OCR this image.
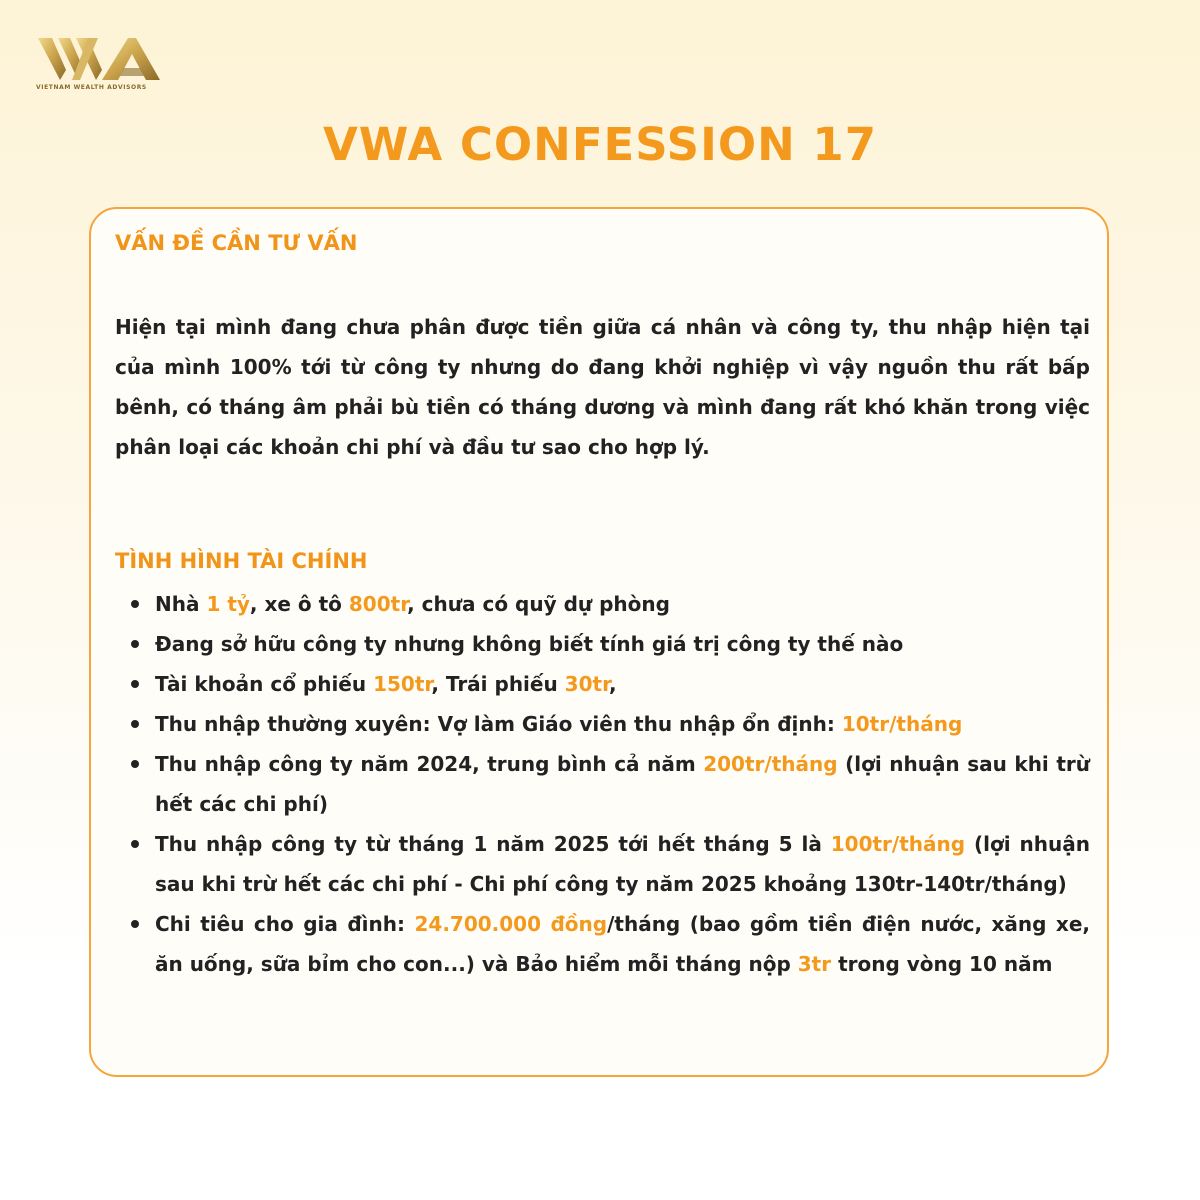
VIETNAM WEALTH ADVISORS
VWA CONFESSION 17
VẤN ĐỀ CẦN TƯ VẤN

Hiện tại mình đang chưa phân được tiền giữa cá nhân và công ty, thu nhập hiện tại của mình 100% tới từ công ty nhưng do đang khởi nghiệp vì vậy nguồn thu rất bấp bênh, có tháng âm phải bù tiền có tháng dương và mình đang rất khó khăn trong việc phân loại các khoản chi phí và đầu tư sao cho hợp lý.

TÌNH HÌNH TÀI CHÍNH
Nhà 1 tỷ, xe ô tô 800tr, chưa có quỹ dự phòng
Đang sở hữu công ty nhưng không biết tính giá trị công ty thế nào
Tài khoản cổ phiếu 150tr, Trái phiếu 30tr,
Thu nhập thường xuyên: Vợ làm Giáo viên thu nhập ổn định: 10tr/tháng
Thu nhập công ty năm 2024, trung bình cả năm 200tr/tháng (lợi nhuận sau khi trừ hết các chi phí)
Thu nhập công ty từ tháng 1 năm 2025 tới hết tháng 5 là 100tr/tháng (lợi nhuận sau khi trừ hết các chi phí - Chi phí công ty năm 2025 khoảng 130tr-140tr/tháng)
Chi tiêu cho gia đình: 24.700.000 đồng/tháng (bao gồm tiền điện nước, xăng xe, ăn uống, sữa bỉm cho con...) và Bảo hiểm mỗi tháng nộp 3tr trong vòng 10 năm
